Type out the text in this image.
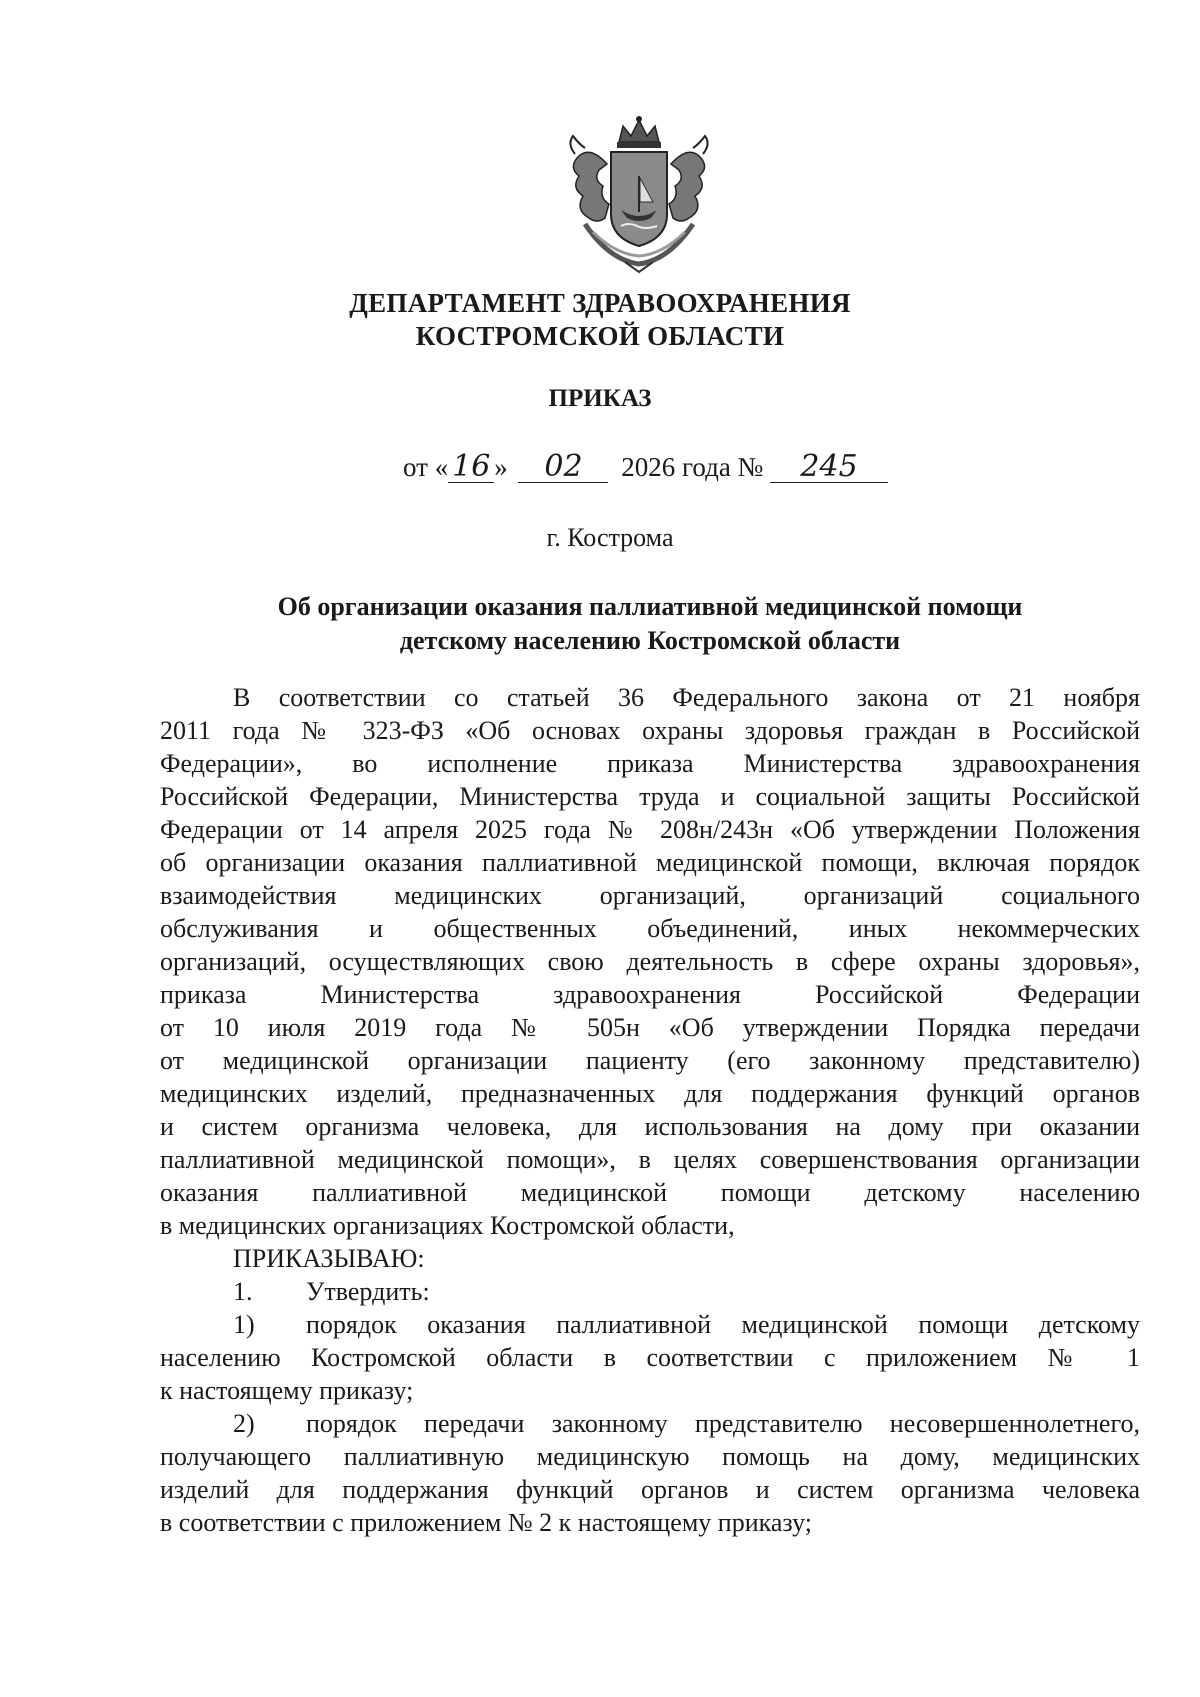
ДЕПАРТАМЕНТ ЗДРАВООХРАНЕНИЯ
КОСТРОМСКОЙ ОБЛАСТИ
ПРИКАЗ
от « 16 » 02 2026 года № 245
г. Кострома
Об организации оказания паллиативной медицинской помощи
детскому населению Костромской области
В соответствии со статьей 36 Федерального закона от 21 ноября
2011 года № 323-ФЗ «Об основах охраны здоровья граждан в Российской
Федерации», во исполнение приказа Министерства здравоохранения
Российской Федерации, Министерства труда и социальной защиты Российской
Федерации от 14 апреля 2025 года № 208н/243н «Об утверждении Положения
об организации оказания паллиативной медицинской помощи, включая порядок
взаимодействия медицинских организаций, организаций социального
обслуживания и общественных объединений, иных некоммерческих
организаций, осуществляющих свою деятельность в сфере охраны здоровья»,
приказа Министерства здравоохранения Российской Федерации
от 10 июля 2019 года № 505н «Об утверждении Порядка передачи
от медицинской организации пациенту (его законному представителю)
медицинских изделий, предназначенных для поддержания функций органов
и систем организма человека, для использования на дому при оказании
паллиативной медицинской помощи», в целях совершенствования организации
оказания паллиативной медицинской помощи детскому населению
в медицинских организациях Костромской области,
ПРИКАЗЫВАЮ:
1. Утвердить:
1) порядок оказания паллиативной медицинской помощи детскому
населению Костромской области в соответствии с приложением № 1
к настоящему приказу;
2) порядок передачи законному представителю несовершеннолетнего,
получающего паллиативную медицинскую помощь на дому, медицинских
изделий для поддержания функций органов и систем организма человека
в соответствии с приложением № 2 к настоящему приказу;
